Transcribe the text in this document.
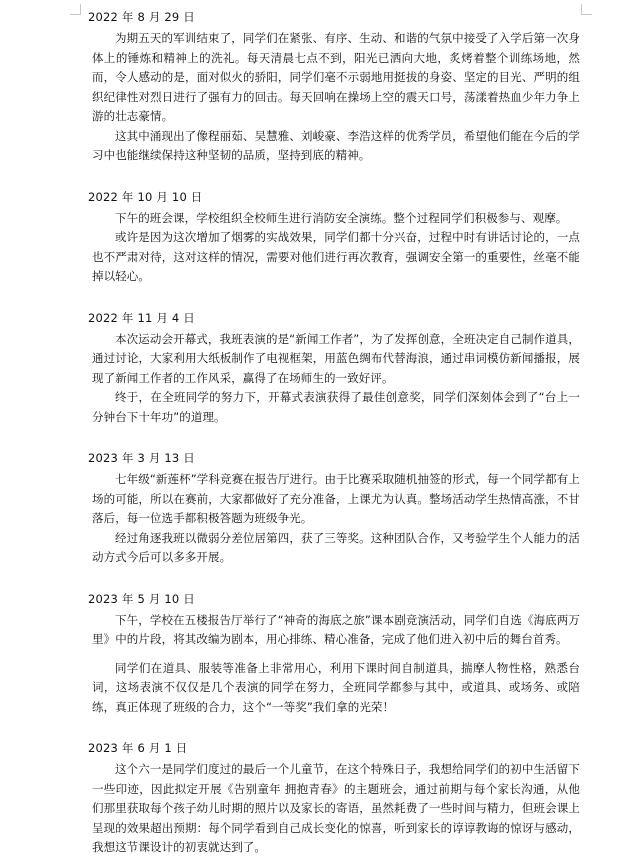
2022 年 8 月 29 日

为期五天的军训结束了，同学们在紧张、有序、生动、和谐的气氛中接受了入学后第一次身体上的锤炼和精神上的洗礼。每天清晨七点不到，阳光已洒向大地，炙烤着整个训练场地，然而，令人感动的是，面对似火的骄阳，同学们毫不示弱地用挺拔的身姿、坚定的目光、严明的组织纪律性对烈日进行了强有力的回击。每天回响在操场上空的震天口号，荡漾着热血少年力争上游的壮志豪情。

这其中涌现出了像程丽茹、吴慧雅、刘峻豪、李浩这样的优秀学员，希望他们能在今后的学习中也能继续保持这种坚韧的品质，坚持到底的精神。

2022 年 10 月 10 日

下午的班会课，学校组织全校师生进行消防安全演练。整个过程同学们积极参与、观摩。

或许是因为这次增加了烟雾的实战效果，同学们都十分兴奋，过程中时有讲话讨论的，一点也不严肃对待，这对这样的情况，需要对他们进行再次教育，强调安全第一的重要性，丝毫不能掉以轻心。

2022 年 11 月 4 日

本次运动会开幕式，我班表演的是“新闻工作者”，为了发挥创意，全班决定自己制作道具，通过讨论，大家利用大纸板制作了电视框架，用蓝色绸布代替海浪，通过串词模仿新闻播报，展现了新闻工作者的工作风采，赢得了在场师生的一致好评。

终于，在全班同学的努力下，开幕式表演获得了最佳创意奖，同学们深刻体会到了“台上一分钟台下十年功”的道理。

2023 年 3 月 13 日

七年级“新莲杯”学科竞赛在报告厅进行。由于比赛采取随机抽签的形式，每一个同学都有上场的可能，所以在赛前，大家都做好了充分准备，上课尤为认真。整场活动学生热情高涨，不甘落后，每一位选手都积极答题为班级争光。

经过角逐我班以微弱分差位居第四，获了三等奖。这种团队合作，又考验学生个人能力的活动方式今后可以多多开展。

2023 年 5 月 10 日

下午，学校在五楼报告厅举行了“神奇的海底之旅”课本剧竞演活动，同学们自选《海底两万里》中的片段，将其改编为剧本，用心排练、精心准备，完成了他们进入初中后的舞台首秀。

同学们在道具、服装等准备上非常用心，利用下课时间自制道具，揣摩人物性格，熟悉台词，这场表演不仅仅是几个表演的同学在努力，全班同学都参与其中，或道具、或场务、或陪练，真正体现了班级的合力，这个“一等奖”我们拿的光荣！

2023 年 6 月 1 日

这个六一是同学们度过的最后一个儿童节，在这个特殊日子，我想给同学们的初中生活留下一些印迹，因此拟定开展《告别童年 拥抱青春》的主题班会，通过前期与每个家长沟通，从他们那里获取每个孩子幼儿时期的照片以及家长的寄语，虽然耗费了一些时间与精力，但班会课上呈现的效果超出预期：每个同学看到自己成长变化的惊喜，听到家长的谆谆教诲的惊讶与感动，我想这节课设计的初衷就达到了。
